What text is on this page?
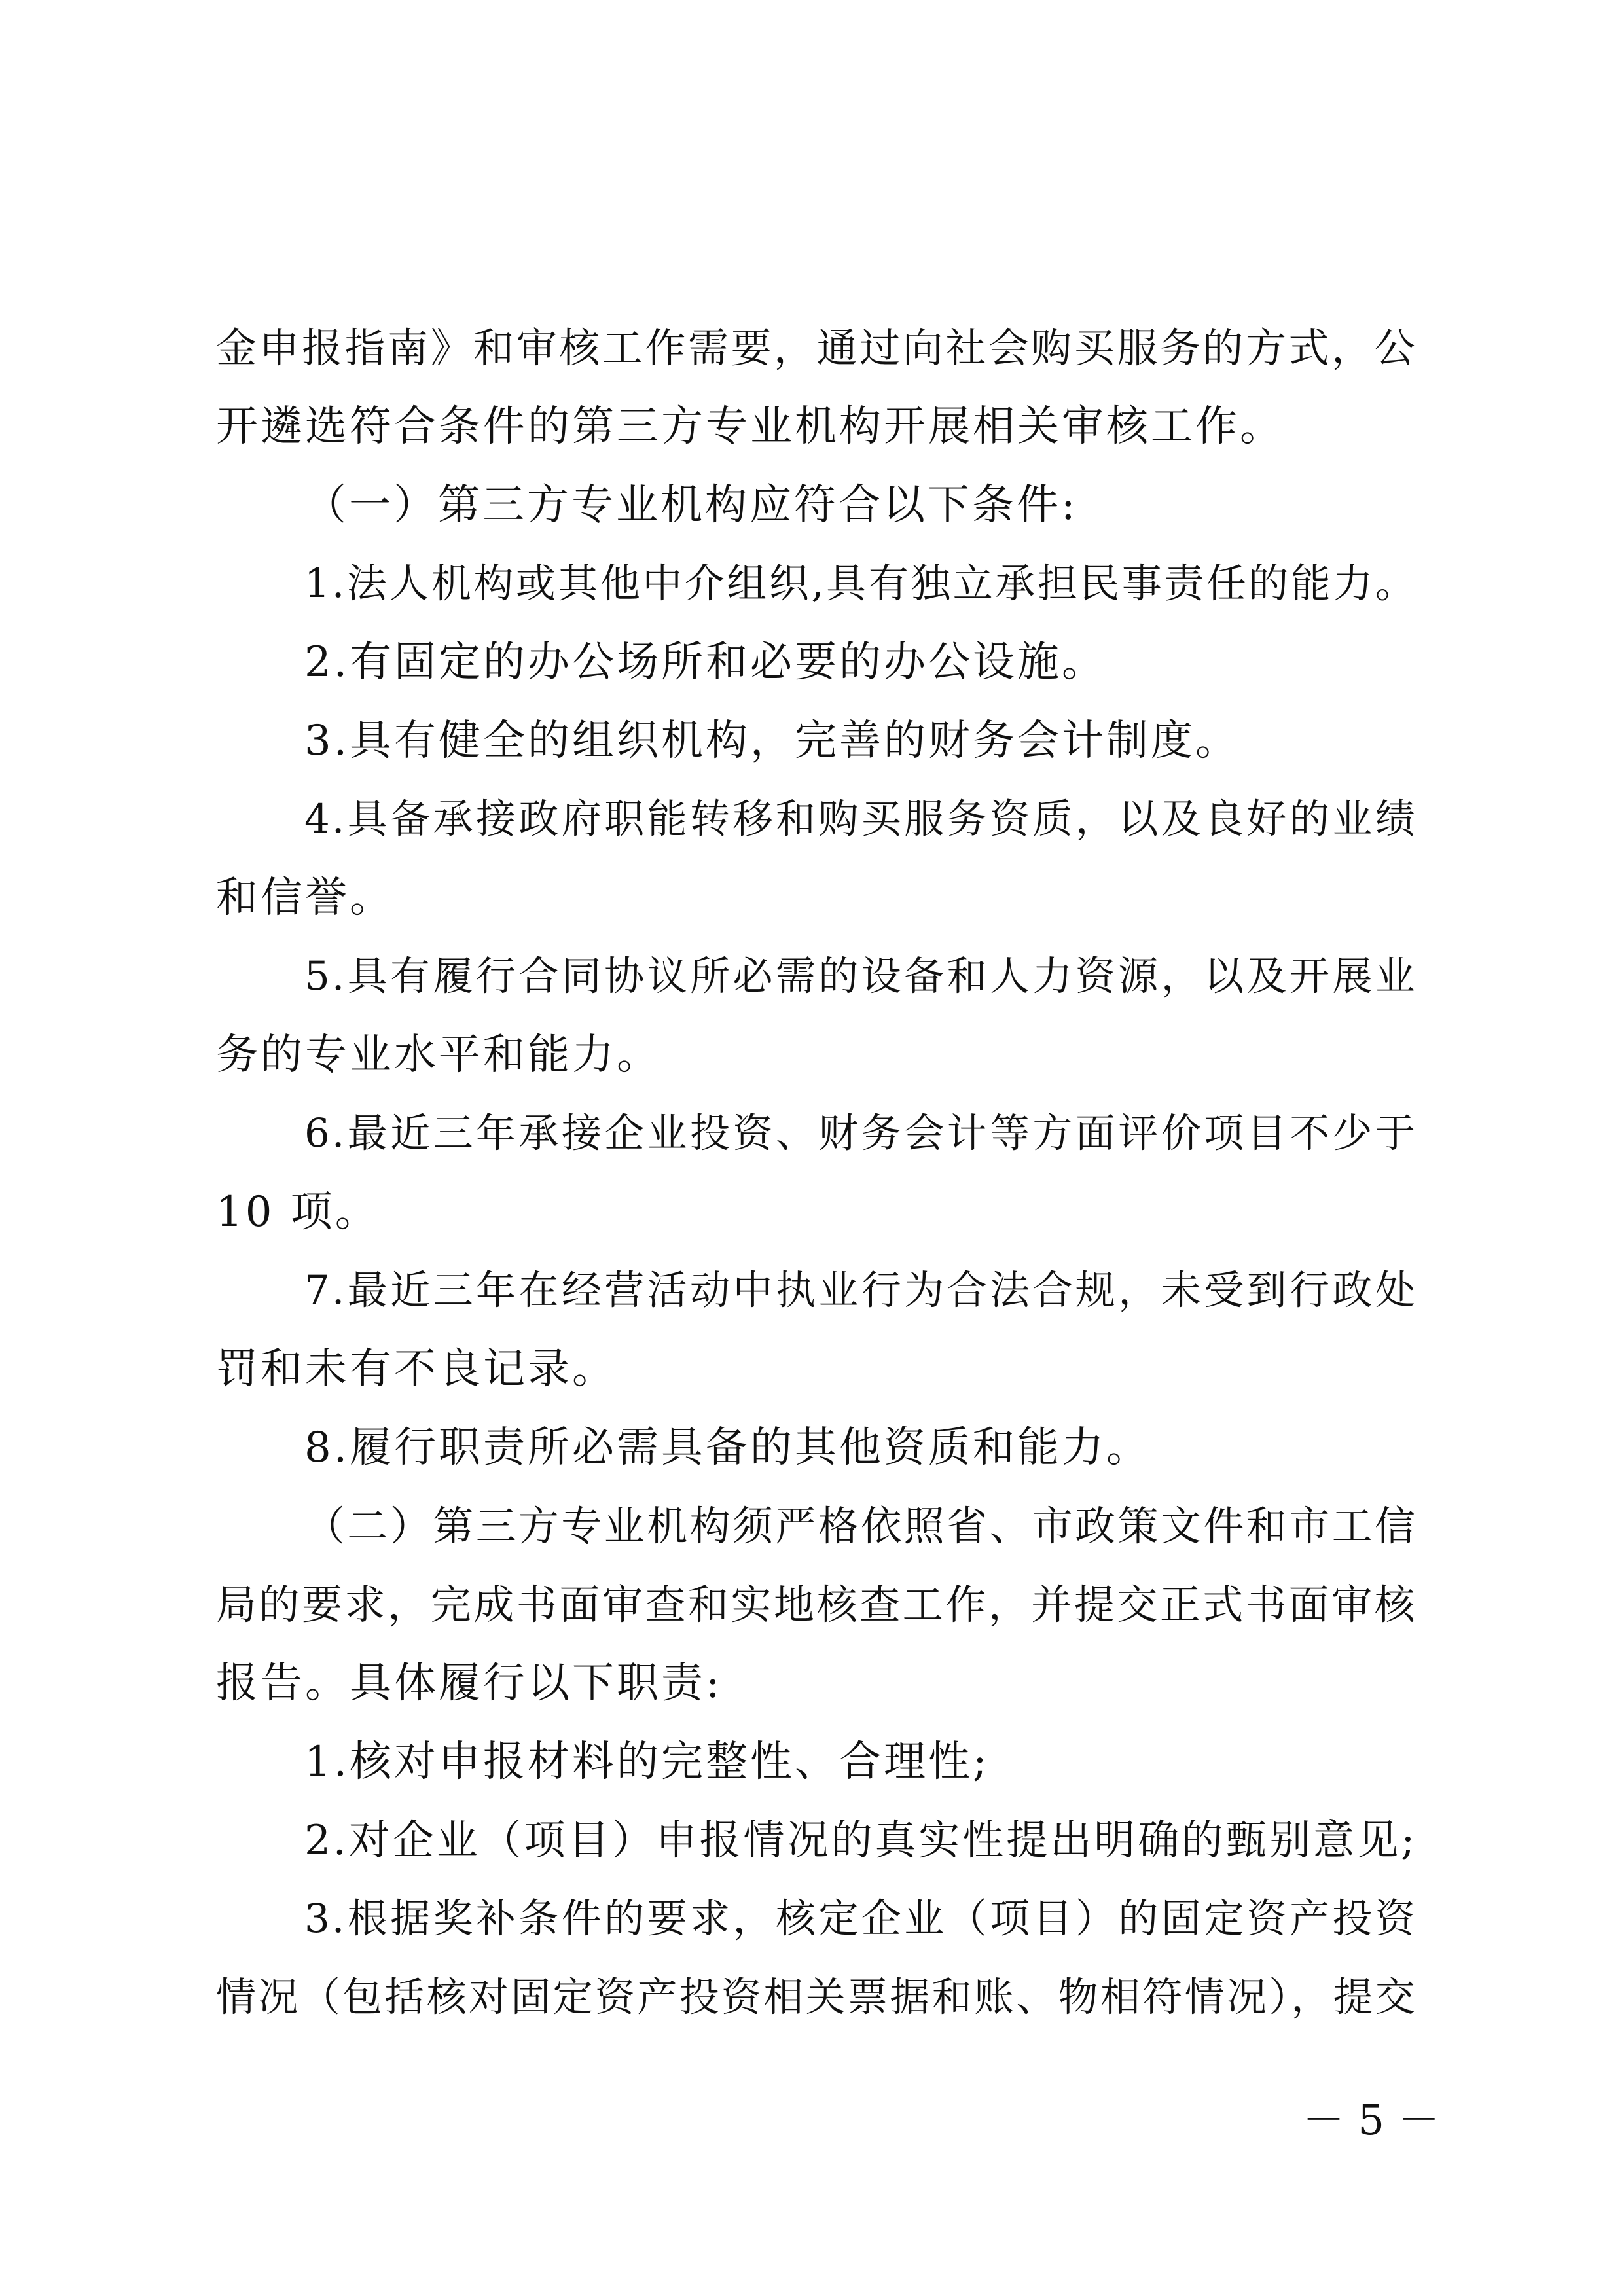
金申报指南》和审核工作需要，通过向社会购买服务的方式，公
开遴选符合条件的第三方专业机构开展相关审核工作。
（一）第三方专业机构应符合以下条件:
1.法人机构或其他中介组织,具有独立承担民事责任的能力。
2.有固定的办公场所和必要的办公设施。
3.具有健全的组织机构，完善的财务会计制度。
4.具备承接政府职能转移和购买服务资质，以及良好的业绩
和信誉。
5.具有履行合同协议所必需的设备和人力资源，以及开展业
务的专业水平和能力。
6.最近三年承接企业投资、财务会计等方面评价项目不少于
10 项。
7.最近三年在经营活动中执业行为合法合规，未受到行政处
罚和未有不良记录。
8.履行职责所必需具备的其他资质和能力。
（二）第三方专业机构须严格依照省、市政策文件和市工信
局的要求，完成书面审查和实地核查工作，并提交正式书面审核
报告。具体履行以下职责:
1.核对申报材料的完整性、合理性;
2.对企业（项目）申报情况的真实性提出明确的甄别意见;
3.根据奖补条件的要求，核定企业（项目）的固定资产投资
情况（包括核对固定资产投资相关票据和账、物相符情况），提交
－ 5 －
